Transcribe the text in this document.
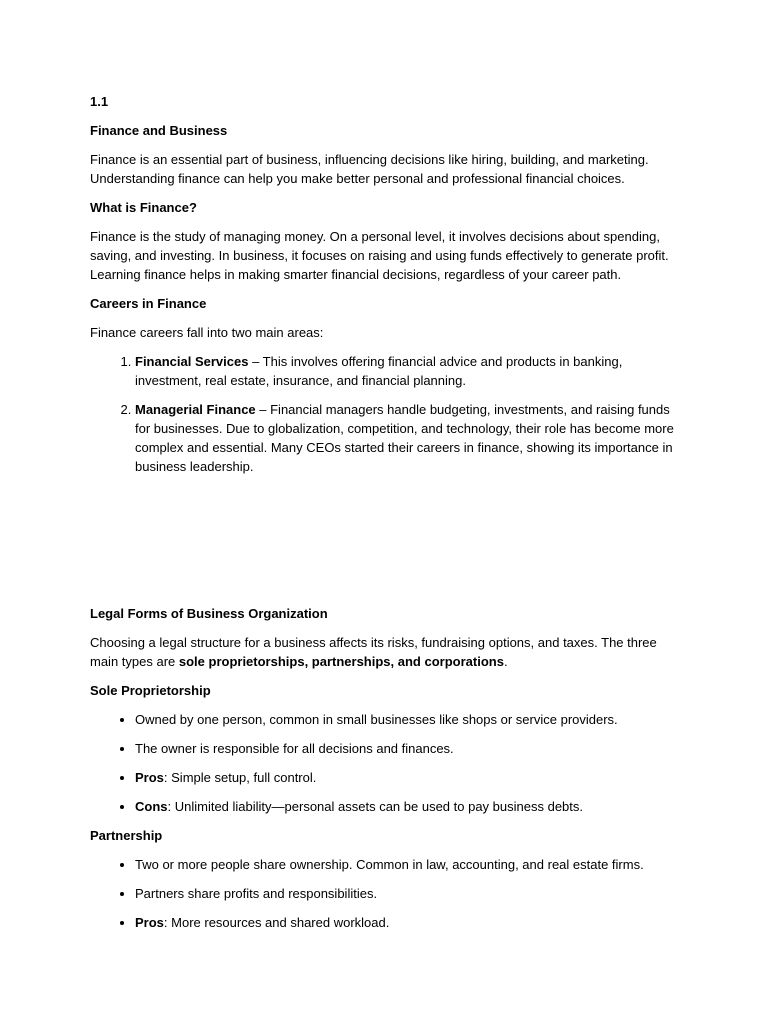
1.1
Finance and Business
Finance is an essential part of business, influencing decisions like hiring, building, and marketing. Understanding finance can help you make better personal and professional financial choices.
What is Finance?
Finance is the study of managing money. On a personal level, it involves decisions about spending, saving, and investing. In business, it focuses on raising and using funds effectively to generate profit. Learning finance helps in making smarter financial decisions, regardless of your career path.
Careers in Finance
Finance careers fall into two main areas:
1. Financial Services – This involves offering financial advice and products in banking, investment, real estate, insurance, and financial planning.
2. Managerial Finance – Financial managers handle budgeting, investments, and raising funds for businesses. Due to globalization, competition, and technology, their role has become more complex and essential. Many CEOs started their careers in finance, showing its importance in business leadership.
Legal Forms of Business Organization
Choosing a legal structure for a business affects its risks, fundraising options, and taxes. The three main types are sole proprietorships, partnerships, and corporations.
Sole Proprietorship
• Owned by one person, common in small businesses like shops or service providers.
• The owner is responsible for all decisions and finances.
• Pros: Simple setup, full control.
• Cons: Unlimited liability—personal assets can be used to pay business debts.
Partnership
• Two or more people share ownership. Common in law, accounting, and real estate firms.
• Partners share profits and responsibilities.
• Pros: More resources and shared workload.
